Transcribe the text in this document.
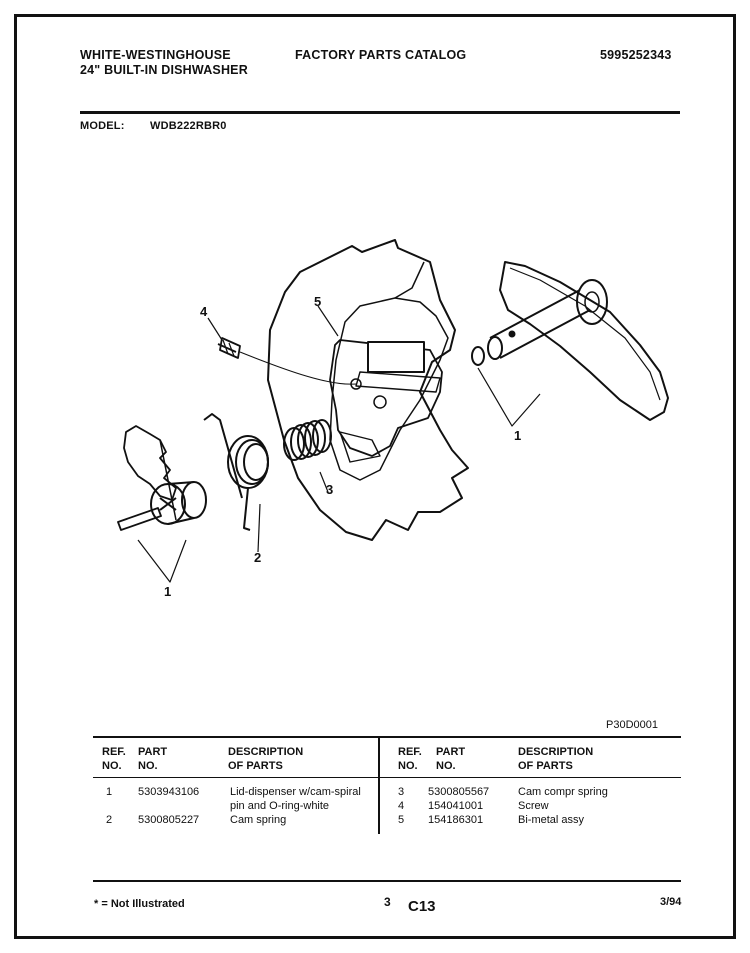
WHITE-WESTINGHOUSE
24" BUILT-IN DISHWASHER
FACTORY PARTS CATALOG	5995252343
MODEL: WDB222RBR0
1
1
2
3
4
5
P30D0001
REF.
NO.
PART
NO.
DESCRIPTION
OF PARTS
REF.
NO.
PART
NO.
DESCRIPTION
OF PARTS
1 5303943106	Lid-dispenser w/cam-spiral
pin and O-ring-white
2 5300805227	Cam spring
3 5300805567	Cam compr spring
4 154041001	Screw
5 154186301	Bi-metal assy
* = Not Illustrated	3 C13	3/94
